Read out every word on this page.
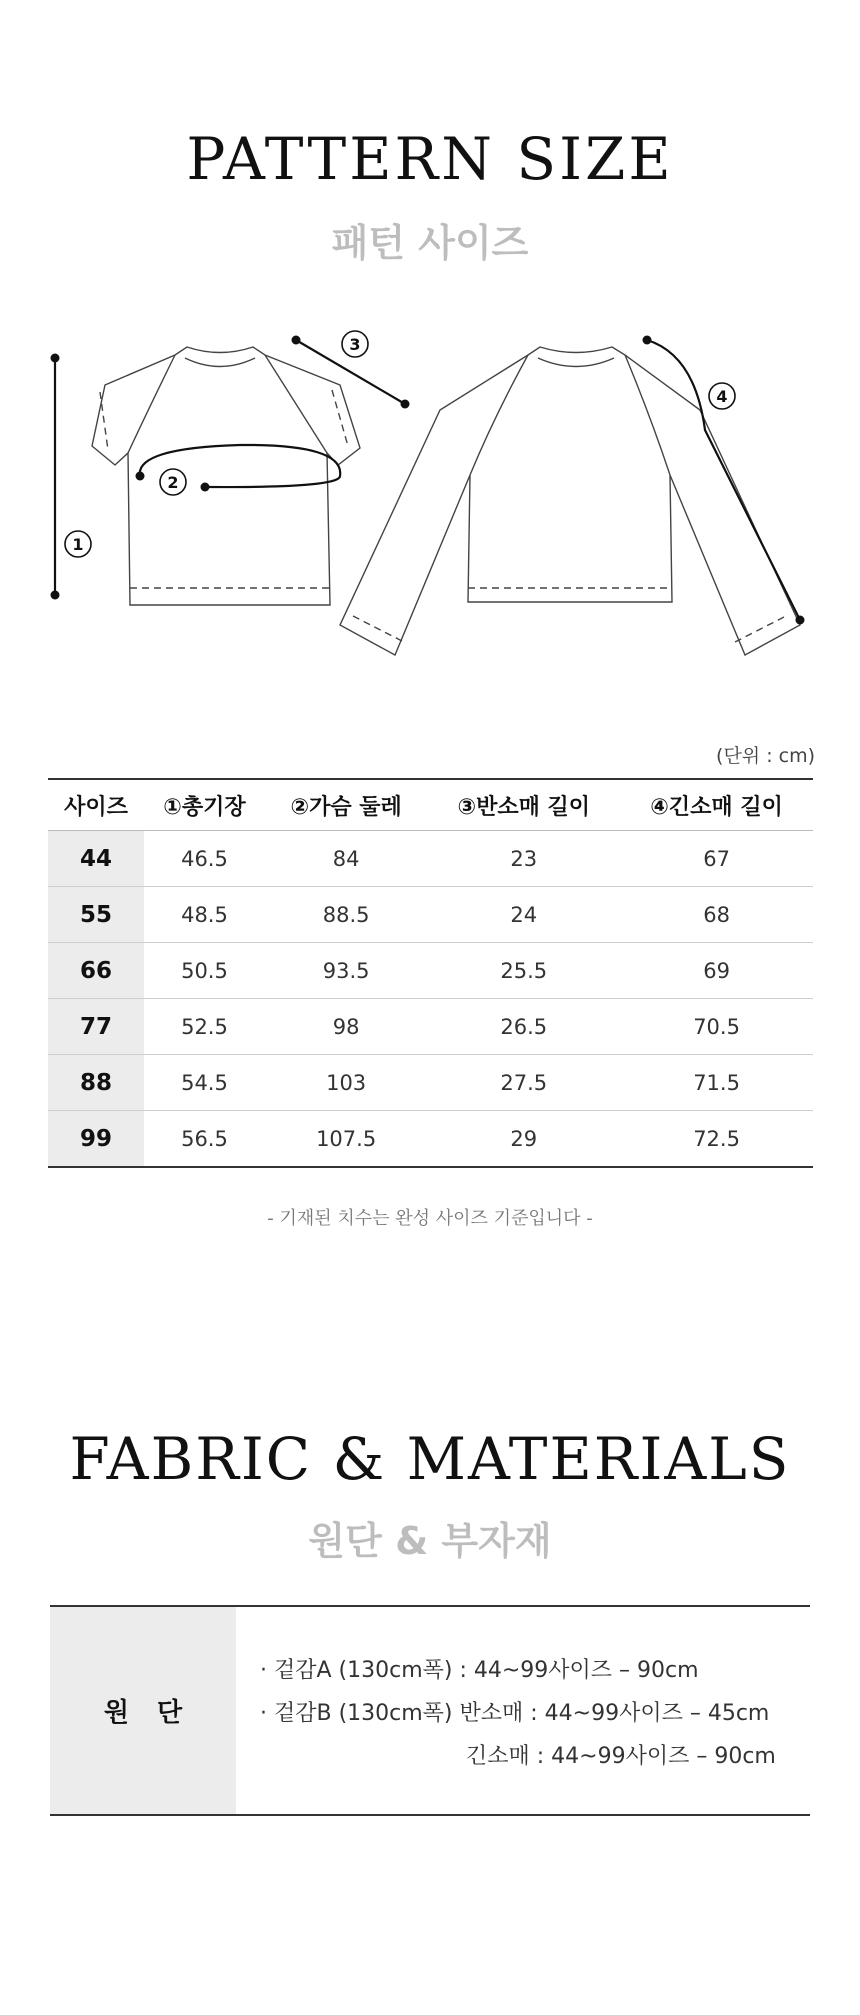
PATTERN SIZE
패턴 사이즈
1
2
3
4
(단위 : cm)
사이즈	①총기장	②가슴 둘레	③반소매 길이	④긴소매 길이
44	46.5	84	23	67
55	48.5	88.5	24	68
66	50.5	93.5	25.5	69
77	52.5	98	26.5	70.5
88	54.5	103	27.5	71.5
99	56.5	107.5	29	72.5
- 기재된 치수는 완성 사이즈 기준입니다 -
FABRIC & MATERIALS
원단 & 부자재
원단
· 겉감A (130cm폭) : 44~99사이즈 – 90cm
· 겉감B (130cm폭) 반소매 : 44~99사이즈 – 45cm
긴소매 : 44~99사이즈 – 90cm
